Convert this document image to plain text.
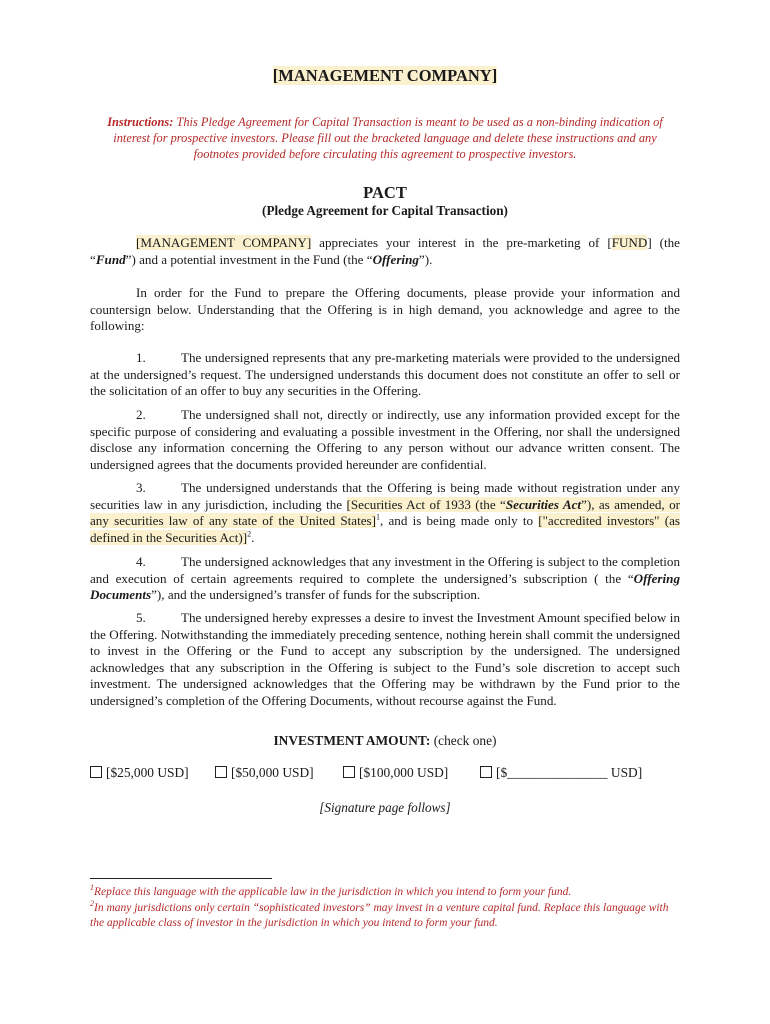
[MANAGEMENT COMPANY]
Instructions: This Pledge Agreement for Capital Transaction is meant to be used as a non-binding indication of interest for prospective investors. Please fill out the bracketed language and delete these instructions and any footnotes provided before circulating this agreement to prospective investors.
PACT
(Pledge Agreement for Capital Transaction)
[MANAGEMENT COMPANY] appreciates your interest in the pre-marketing of [FUND] (the “Fund”) and a potential investment in the Fund (the “Offering”).
In order for the Fund to prepare the Offering documents, please provide your information and countersign below. Understanding that the Offering is in high demand, you acknowledge and agree to the following:
1.	The undersigned represents that any pre-marketing materials were provided to the undersigned at the undersigned’s request. The undersigned understands this document does not constitute an offer to sell or the solicitation of an offer to buy any securities in the Offering.
2.	The undersigned shall not, directly or indirectly, use any information provided except for the specific purpose of considering and evaluating a possible investment in the Offering, nor shall the undersigned disclose any information concerning the Offering to any person without our advance written consent. The undersigned agrees that the documents provided hereunder are confidential.
3.	The undersigned understands that the Offering is being made without registration under any securities law in any jurisdiction, including the [Securities Act of 1933 (the “Securities Act”), as amended, or any securities law of any state of the United States]$^1$, and is being made only to ["accredited investors" (as defined in the Securities Act)]$^2$.
4.	The undersigned acknowledges that any investment in the Offering is subject to the completion and execution of certain agreements required to complete the undersigned’s subscription ( the “Offering Documents”), and the undersigned’s transfer of funds for the subscription.
5.	The undersigned hereby expresses a desire to invest the Investment Amount specified below in the Offering. Notwithstanding the immediately preceding sentence, nothing herein shall commit the undersigned to invest in the Offering or the Fund to accept any subscription by the undersigned. The undersigned acknowledges that any subscription in the Offering is subject to the Fund’s sole discretion to accept such investment. The undersigned acknowledges that the Offering may be withdrawn by the Fund prior to the undersigned’s completion of the Offering Documents, without recourse against the Fund.
INVESTMENT AMOUNT: (check one)
[$25,000 USD]	[$50,000 USD]	[$100,000 USD]	[$_______________ USD]
[Signature page follows]
$^1$Replace this language with the applicable law in the jurisdiction in which you intend to form your fund.
$^2$In many jurisdictions only certain “sophisticated investors” may invest in a venture capital fund. Replace this language with the applicable class of investor in the jurisdiction in which you intend to form your fund.
